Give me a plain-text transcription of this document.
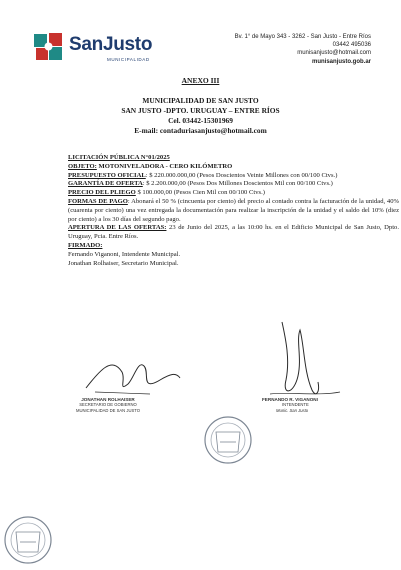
SanJusto
MUNICIPALIDAD
Bv. 1° de Mayo 343 - 3262 - San Justo - Entre Ríos
03442 495036
munisanjusto@hotmail.com
munisanjusto.gob.ar
ANEXO III
MUNICIPALIDAD DE SAN JUSTO
SAN JUSTO -DPTO. URUGUAY – ENTRE RÍOS
Cel. 03442-15301969
E-mail: contaduriasanjusto@hotmail.com

LICITACIÓN PÚBLICA N°01/2025

OBJETO: MOTONIVELADORA - CERO KILÓMETRO

PRESUPUESTO OFICIAL: $ 220.000.000,00 (Pesos Doscientos Veinte Millones con 00/100 Ctvs.)

GARANTÍA DE OFERTA: $ 2.200.000,00 (Pesos Dos Millones Doscientos Mil con 00/100 Ctvs.)

PRECIO DEL PLIEGO $ 100.000,00 (Pesos Cien Mil con 00/100 Ctvs.)

FORMAS DE PAGO: Abonará el 50 % (cincuenta por ciento) del precio al contado contra la facturación de la unidad, 40% (cuarenta por ciento) una vez entregada la documentación para realizar la inscripción de la unidad y el saldo del 10% (diez por ciento) a los 30 días del segundo pago.

APERTURA DE LAS OFERTAS: 23 de Junio del 2025, a las 10:00 hs. en el Edificio Municipal de San Justo, Dpto. Uruguay, Pcia. Entre Ríos.

FIRMADO:

Fernando Viganoni, Intendente Municipal.

Jonathan Rolhaiser, Secretario Municipal.

JONATHAN ROLHAISER
SECRETARIO DE GOBIERNO
MUNICIPALIDAD DE SAN JUSTO
FERNANDO R. VIGANONI
INTENDENTE
Munic. San Justo
